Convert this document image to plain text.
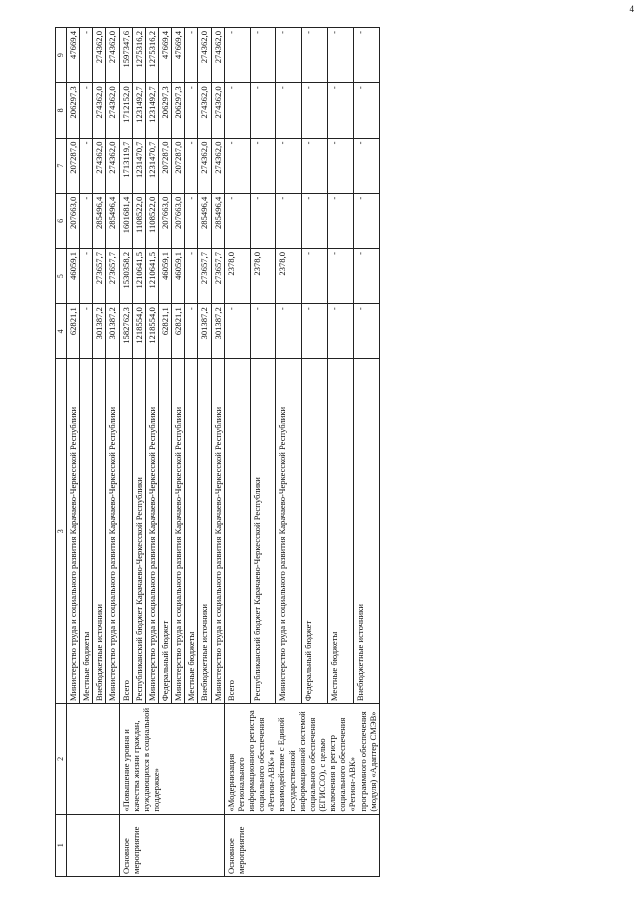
4
1	2	3	4	5	6	7	8	9
		Министерство труда и социального развития Карачаево-Черкесской Республики	62821,1	46059,1	207663,0	207287,0	206297,3	47669,4
		Местные бюджеты	-	-	-	-	-	-
		Внебюджетные источники	301387,2	273657,7	285496,4	274362,0	274362,0	274362,0
		Министерство труда и социального развития Карачаево-Черкесской Республики	301387,2	273657,7	285496,4	274362,0	274362,0	274362,0
Основное мероприятие	«Повышение уровня и качества жизни граждан, нуждающихся в социальной поддержке»	Всего	1582762,3	1530358,2	1601681,4	1713119,7	1712152,0	1597347,6
		Республиканский бюджет Карачаево-Черкесской Республики	1218554,0	1210641,5	1108522,0	1231470,7	1231492,7	1275316,2
		Министерство труда и социального развития Карачаево-Черкесской Республики	1218554,0	1210641,5	1108522,0	1231470,7	1231492,7	1275316,2
		Федеральный бюджет	62821,1	46059,1	207663,0	207287,0	206297,3	47669,4
		Министерство труда и социального развития Карачаево-Черкесской Республики	62821,1	46059,1	207663,0	207287,0	206297,3	47669,4
		Местные бюджеты	-	-	-	-	-	-
		Внебюджетные источники	301387,2	273657,7	285496,4	274362,0	274362,0	274362,0
		Министерство труда и социального развития Карачаево-Черкесской Республики	301387,2	273657,7	285496,4	274362,0	274362,0	274362,0
Основное мероприятие	«Модернизация Регионального информационного регистра социального обеспечения «Регион-АВК» и взаимодействие с Единой государственной информационной системой социального обеспечения (ЕГИССО), с целью включения в регистр социального обеспечения «Регион-АВК» программного обеспечения (модуля) «Адаптер СМЭВ»	Всего	-	2378,0	-	-	-	-
		Республиканский бюджет Карачаево-Черкесской Республики	-	2378,0	-	-	-	-
		Министерство труда и социального развития Карачаево-Черкесской Республики	-	2378,0	-	-	-	-
		Федеральный бюджет	-	-	-	-	-	-
		Местные бюджеты	-	-	-	-	-	-
		Внебюджетные источники	-	-	-	-	-	-
